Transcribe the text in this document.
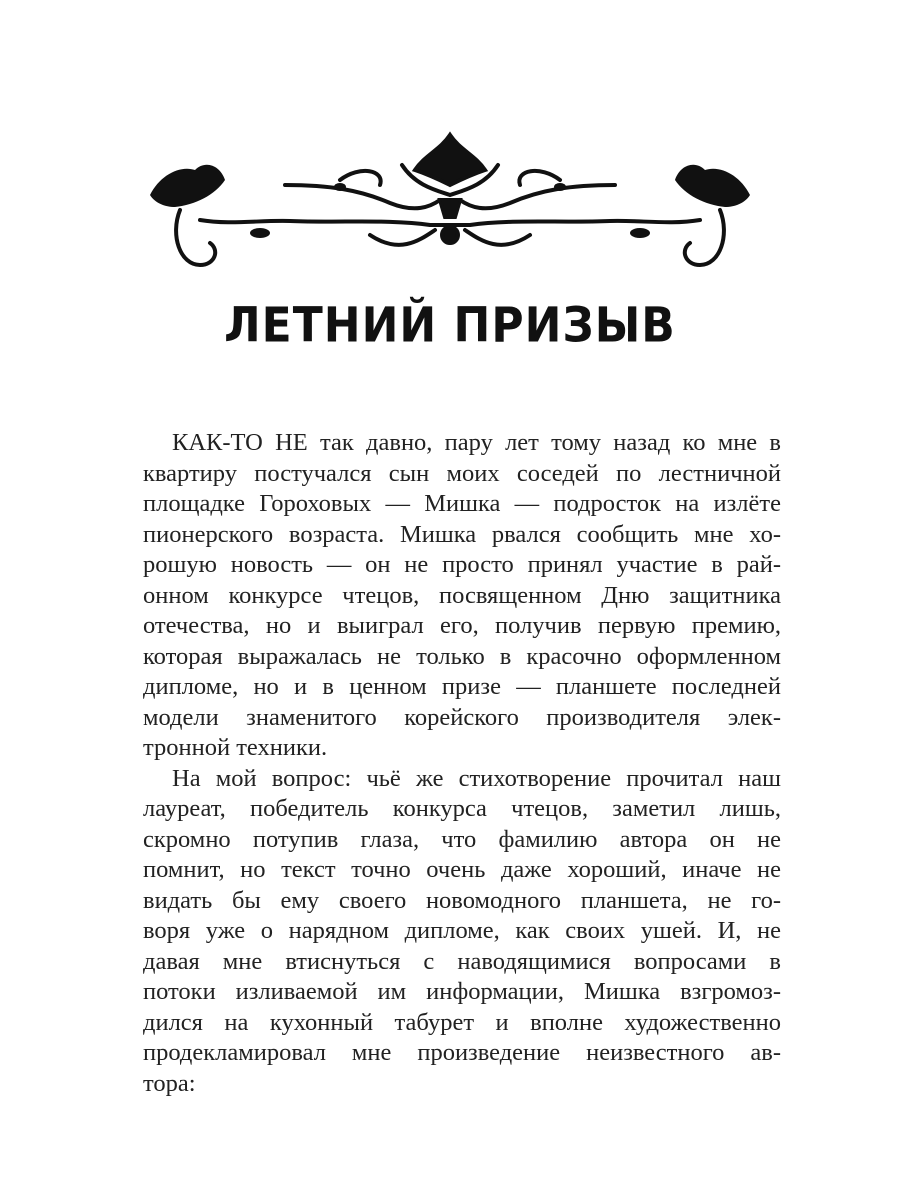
ЛЕТНИЙ ПРИЗЫВ
КАК-ТО НЕ так давно, пару лет тому назад ко мне в
квартиру постучался сын моих соседей по лестничной
площадке Гороховых — Мишка — подросток на излёте
пионерского возраста. Мишка рвался сообщить мне хо-
рошую новость — он не просто принял участие в рай-
онном конкурсе чтецов, посвященном Дню защитника
отечества, но и выиграл его, получив первую премию,
которая выражалась не только в красочно оформленном
дипломе, но и в ценном призе — планшете последней
модели знаменитого корейского производителя элек-
тронной техники.
На мой вопрос: чьё же стихотворение прочитал наш
лауреат, победитель конкурса чтецов, заметил лишь,
скромно потупив глаза, что фамилию автора он не
помнит, но текст точно очень даже хороший, иначе не
видать бы ему своего новомодного планшета, не го-
воря уже о нарядном дипломе, как своих ушей. И, не
давая мне втиснуться с наводящимися вопросами в
потоки изливаемой им информации, Мишка взгромоз-
дился на кухонный табурет и вполне художественно
продекламировал мне произведение неизвестного ав-
тора:
